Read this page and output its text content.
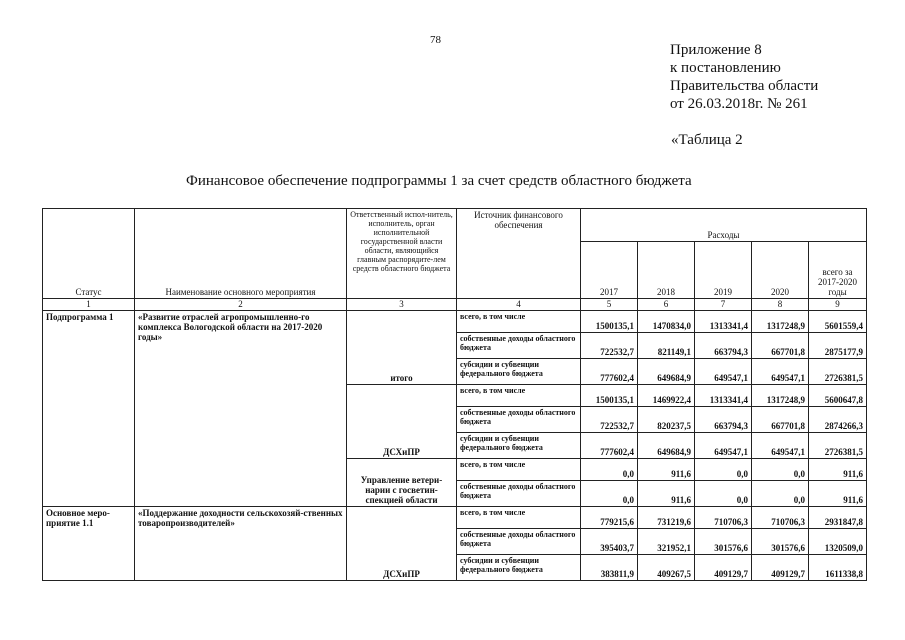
78
Приложение 8
к постановлению
Правительства области
от 26.03.2018г. № 261
«Таблица 2
Финансовое обеспечение подпрограммы 1 за счет средств областного бюджета
Статус	Наименование основного мероприятия	Ответственный испол-нитель, исполнитель, орган исполнительной государственной власти области, являющийся главным распорядите-лем средств областного бюджета	Источник финансового обеспечения	Расходы				
				2017	2018	2019	2020	всего за 2017-2020 годы
1	2	3	4	5	6	7	8	9
Подпрограмма 1	«Развитие отраслей агропромышленно-го комплекса Вологодской области на 2017-2020 годы»	итого	всего, в том числе	1500135,1	1470834,0	1313341,4	1317248,9	5601559,4
			собственные доходы областного бюджета	722532,7	821149,1	663794,3	667701,8	2875177,9
			субсидии и субвенции федерального бюджета	777602,4	649684,9	649547,1	649547,1	2726381,5
		ДСХиПР	всего, в том числе	1500135,1	1469922,4	1313341,4	1317248,9	5600647,8
			собственные доходы областного бюджета	722532,7	820237,5	663794,3	667701,8	2874266,3
			субсидии и субвенции федерального бюджета	777602,4	649684,9	649547,1	649547,1	2726381,5
		Управление ветери-нарии с госветин-спекцией области	всего, в том числе	0,0	911,6	0,0	0,0	911,6
			собственные доходы областного бюджета	0,0	911,6	0,0	0,0	911,6
Основное меро-приятие 1.1	«Поддержание доходности сельскохозяй-ственных товаропроизводителей»	ДСХиПР	всего, в том числе	779215,6	731219,6	710706,3	710706,3	2931847,8
			собственные доходы областного бюджета	395403,7	321952,1	301576,6	301576,6	1320509,0
			субсидии и субвенции федерального бюджета	383811,9	409267,5	409129,7	409129,7	1611338,8
